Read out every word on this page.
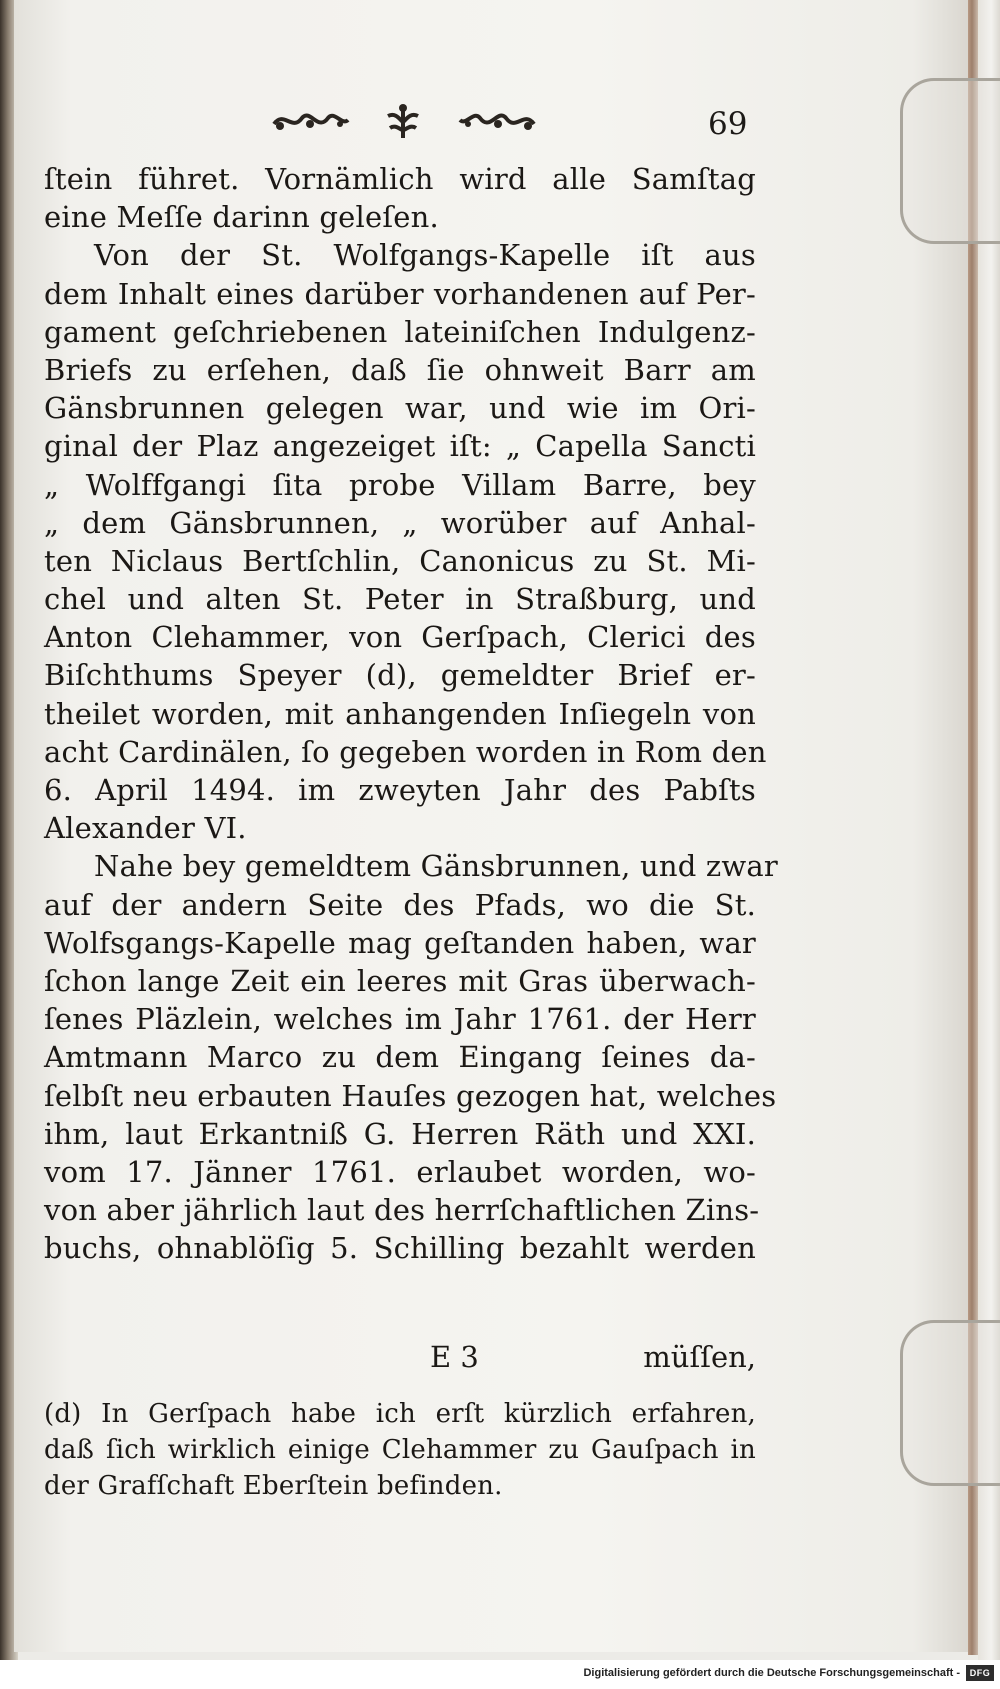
69
ſtein führet. Vornämlich wird alle Samſtag
eine Meſſe darinn geleſen.
Von der St. Wolfgangs-Kapelle iſt aus
dem Inhalt eines darüber vorhandenen auf Per-
gament geſchriebenen lateiniſchen Indulgenz-
Briefs zu erſehen, daß ſie ohnweit Barr am
Gänsbrunnen gelegen war, und wie im Ori-
ginal der Plaz angezeiget iſt: „ Capella Sancti
„ Wolffgangi ſita probe Villam Barre, bey
„ dem Gänsbrunnen, „ worüber auf Anhal-
ten Niclaus Bertſchlin, Canonicus zu St. Mi-
chel und alten St. Peter in Straßburg, und
Anton Clehammer, von Gerſpach, Clerici des
Biſchthums Speyer (d), gemeldter Brief er-
theilet worden, mit anhangenden Inſiegeln von
acht Cardinälen, ſo gegeben worden in Rom den
6. April 1494. im zweyten Jahr des Pabſts
Alexander VI.
Nahe bey gemeldtem Gänsbrunnen, und zwar
auf der andern Seite des Pfads, wo die St.
Wolfsgangs-Kapelle mag geſtanden haben, war
ſchon lange Zeit ein leeres mit Gras überwach-
ſenes Pläzlein, welches im Jahr 1761. der Herr
Amtmann Marco zu dem Eingang ſeines da-
ſelbſt neu erbauten Hauſes gezogen hat, welches
ihm, laut Erkantniß G. Herren Räth und XXI.
vom 17. Jänner 1761. erlaubet worden, wo-
von aber jährlich laut des herrſchaftlichen Zins-
buchs, ohnablöſig 5. Schilling bezahlt werden
E 3	müſſen,
(d) In Gerſpach habe ich erſt kürzlich erfahren,
daß ſich wirklich einige Clehammer zu Gauſpach in
der Grafſchaft Eberſtein befinden.
Digitalisierung gefördert durch die Deutsche Forschungsgemeinschaft -	DFG
